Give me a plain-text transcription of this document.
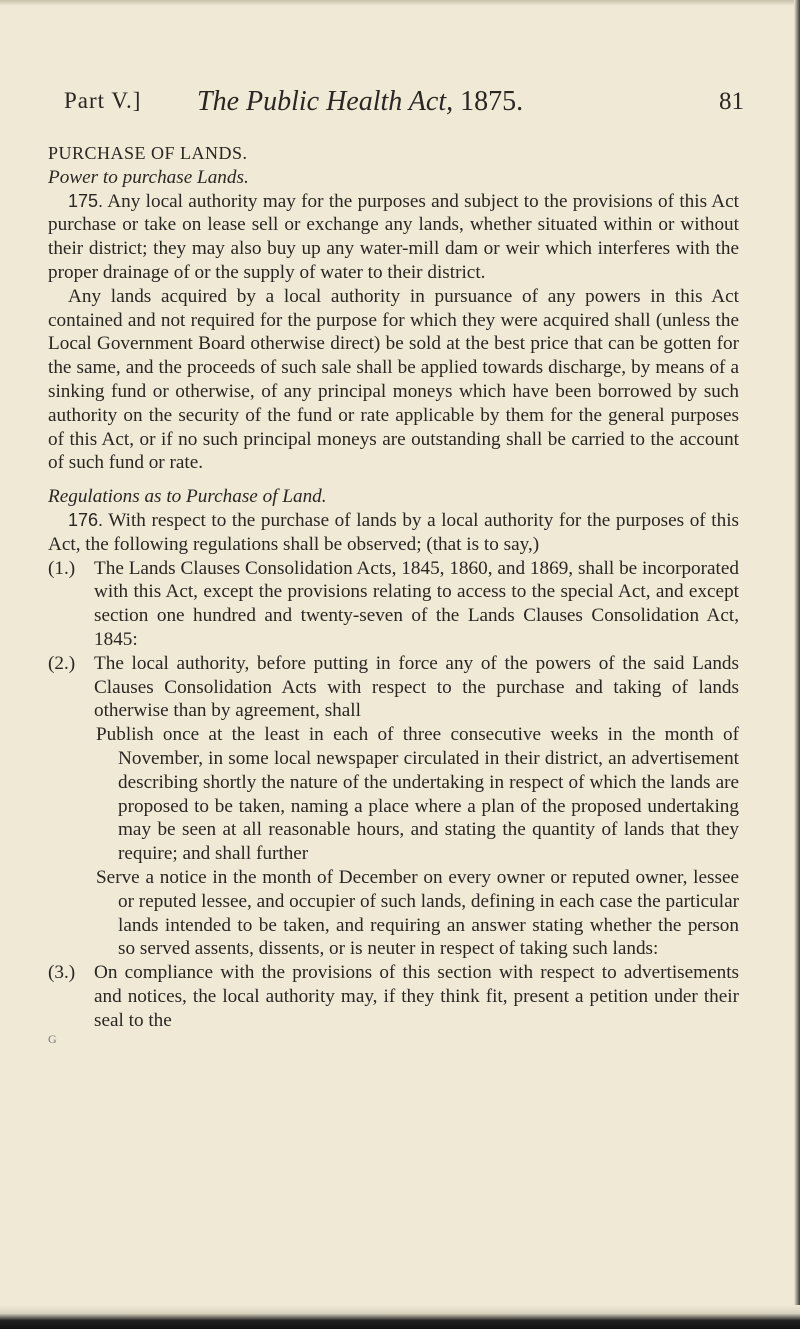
Part V.] The Public Health Act, 1875.	81

PURCHASE OF LANDS.

Power to purchase Lands.

175. Any local authority may for the purposes and subject to the provisions of this Act purchase or take on lease sell or exchange any lands, whether situated within or without their district; they may also buy up any water-mill dam or weir which interferes with the proper drainage of or the supply of water to their district.

Any lands acquired by a local authority in pursuance of any powers in this Act contained and not required for the purpose for which they were acquired shall (unless the Local Government Board otherwise direct) be sold at the best price that can be gotten for the same, and the proceeds of such sale shall be applied towards discharge, by means of a sinking fund or otherwise, of any principal moneys which have been borrowed by such authority on the security of the fund or rate applicable by them for the general purposes of this Act, or if no such principal moneys are outstanding shall be carried to the account of such fund or rate.

Regulations as to Purchase of Land.

176. With respect to the purchase of lands by a local authority for the purposes of this Act, the following regulations shall be observed; (that is to say,)

(1.) The Lands Clauses Consolidation Acts, 1845, 1860, and 1869, shall be incorporated with this Act, except the provisions relating to access to the special Act, and except section one hundred and twenty-seven of the Lands Clauses Consolidation Act, 1845:

(2.) The local authority, before putting in force any of the powers of the said Lands Clauses Consolidation Acts with respect to the purchase and taking of lands otherwise than by agreement, shall

Publish once at the least in each of three consecutive weeks in the month of November, in some local newspaper circulated in their district, an advertisement describing shortly the nature of the undertaking in respect of which the lands are proposed to be taken, naming a place where a plan of the proposed undertaking may be seen at all reasonable hours, and stating the quantity of lands that they require; and shall further

Serve a notice in the month of December on every owner or reputed owner, lessee or reputed lessee, and occupier of such lands, defining in each case the particular lands intended to be taken, and requiring an answer stating whether the person so served assents, dissents, or is neuter in respect of taking such lands:

(3.) On compliance with the provisions of this section with respect to advertisements and notices, the local authority may, if they think fit, present a petition under their seal to the

G
